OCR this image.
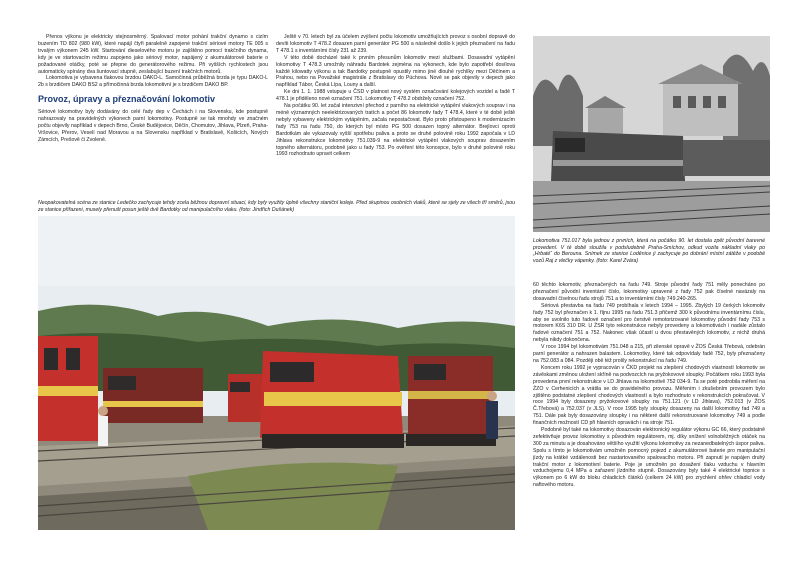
Přenos výkonu je elektricky stejnosměrný. Spalovací motor pohání trakční dynamo s cizím buzením TD 802 (980 kW), které napájí čtyři paralelně zapojené trakční sériové motory TE 005 s trvalým výkonem 245 kW. Startování dieselového motoru je zajištěno pomocí trakčního dynama, kdy je ve startovacím režimu zapojeno jako sériový motor, napájený z akumulátorové baterie o požadované otáčky, poté se přepne do generátorového režimu. Při vyšších rychlostech jsou automaticky spínány dva šuntovací stupně, zeslabující buzení trakčních motorů.

Lokomotiva je vybavena tlakovou brzdou DAKO-L. Samočinná průběžná brzda je typu DAKO-L 2b s brzdičem DAKO BS2 a přímočinná brzda lokomotivní je s brzdičem DAKO BP.

Provoz, úpravy a přeznačování lokomotiv

Sériové lokomotivy byly dodávány do celé řady dep v Čechách i na Slovensku, kde postupně nahrazovaly na pravidelných výkonech parní lokomotivy. Postupně se tak mnohdy ve značném počtu objevily například v depech Brno, České Budějovice, Děčín, Chomutov, Jihlava, Plzeň, Praha-Vršovice, Přerov, Veselí nad Moravou a na Slovensku například v Bratislavě, Košicích, Nových Zámcích, Prešově či Zvoleně.

Ještě v 70. letech byl za účelem zvýšení počtu lokomotiv umožňujících provoz s osobní dopravě do devíti lokomotiv T 478.2 dosazen parní generátor PG 500 a následně došlo k jejich přeznačení na řadu T 478.1 s inventárními čísly 231 až 239.

V této době docházel také k prvním přesunům lokomotiv mezi službami. Dosavadní vytápění lokomotivy T 478.3 umožnily náhradu Bardotek zejména na výkonech, kde bylo zapotřebí dosílova každé kilowatty výkonu a tak Bardotky postupně opustily mimo jiné dlouhé rychlíky mezi Děčínem a Prahou, nebo na Považské magistrále z Bratislavy do Púchova. Nově se pak objevily v depech jako například Tábor, Česká Lípa, Louny a další.

Ke dni 1. 1. 1988 vstupuje u ČSD v platnost nový systém označování kolejových vozidel a řadě T 478.1 je přiděleno nové označení 751. Lokomotivy T 478.2 obdržely označení 752.

Na počátku 90. let začal intenzivní přechod z parního na elektrické vytápění vlakových souprav i na méně významných neelektrizovaných tratích a počet 86 lokomotiv řady T 478.4, které v té době ještě nebyly vybaveny elektrickým vytápěním, začala nepostačovat. Bylo proto přistoupeno k modernizacím řady 753 na řadu 750, do kterých byl místo PG 500 dosazen topný alternátor. Brejlovci oproti Bardotkám ale vykazovaly vyšší spotřebu paliva a proto se druhé polovině roku 1992 započala v LD Jihlava rekonstrukce lokomotivy 751.039-9 na elektrické vytápění vlakových souprav dosazením topného alternátoru, podobně jako u řady 753. Po ověření této koncepce, bylo v druhé polovině roku 1993 rozhodnuto upravit celkem

Neopakovatelná scéna ze stanice Ledečko zachycuje tehdy zcela běžnou dopravní situaci, kdy byly využity úplně všechny staniční koleje. Před skupinou osobních vlaků, které se sjely ze všech tří směrů, jsou ze stanice přiřazeni, musely přenušt posun ještě dvě Bardotky od manipulačního vlaku. (foto: Jindřich Dušánek)
Lokomotiva 751.017 byla jednou z prvních, která na počátku 90. let dostala zpět původní barevné provedení. V té době sloužila v podsludebně Praha-Smíchov, odkud vozila nákladní vlaky po „Hrbaté“ do Berouna. Snímek ze stanice Loděnice ji zachycuje po dobrání místní zátěže v podobě vozů Raj z vlečky vápenky. (foto: Karel Zvára)

60 těchto lokomotiv, přeznačených na řadu 749. Stroje původní řady 751 měly ponecháno po přeznačení původní inventární číslo, lokomotivy upravené z řady 752 pak číselné navázaly na dosavadní číselnou řadu strojů 751 a to inventárními čísly 749.240-265.

Sériová přestavba na řadu 749 probíhala v letech 1994 – 1995. Zbylých 19 čerkých lokomotiv řady 752 byl přeznačen k 1. říjnu 1995 na řadu 751.3 přičemž 300 k původnímu inventárnímu číslu, aby se uvolnilo tuto řadové označení pro čerstvě remotorizované lokomotivy původní řady 753 s motorem K6S 310 DR. U ŽSR tyto rekonstrukce nebyly provedeny a lokomotivách i nadále zůstalo řadové označení 751 a 752. Nakonec však účastí u dvou přestavěných lokomotiv, z nichž druhá nebyla nikdy dokončena.

V roce 1994 byl lokomotivám 751.048 a 215, při zilenské opravě v ŽOS Česká Třebová, odebrán parní generátor a nahrazen balastem. Lokomotivy, které tak odpovídaly řadě 752, byly přeznačeny na 752.083 a 084. Později obě též prošly rekonstrukcí na řadu 749.

Koncem roku 1992 je vypracován v ČKD projekt na zlepšení chodových vlastností lokomotiv se závěskami změnou uložení skříně na podvozcích na pryžokovové sloupky. Počátkem roku 1993 byla provedena první rekonstrukce v LD Jihlava na lokomotivě 752 034-9. Ta se poté podrobila měření na ŽZO v Cerhenicích a vrátila se do pravidelného provozu. Měřením i zkušebním provozem bylo zjištěno podstatné zlepšení chodových vlastností a bylo rozhodnuto v rekonstrukcích pokračovat. V roce 1994 byly dosazeny pryžokovové sloupky na 751.121 (v LD Jihlava), 752.013 (v ŽOS Č.Třebová) a 752.037 (v JLS). V roce 1995 byly sloupky dosazeny na další lokomotivy řad 749 a 751. Dále pak byly dosazovány sloupky i na některé další rekonstruované lokomotivy 749 a podle finančních možností CD při hlavních opravách i na stroje 751.

Podobně byl také na lokomotivy dosazován elektronický regulátor výkonu GC 66, který podstatně zefektivňuje provoz lokomotivy s původním regulátorem, mj. díky snížení volnoběžných otáček na 300 za minutu a je dosahováno většího využití výkonu lokomotivy za nezanedbatelných úspor paliva. Spolu s tímto je lokomotivám umožněn pomocný pojezd z akumulátorové baterie pro manipulační jízdy na krátké vzdálenosti bez nastartovaného spalovacího motoru. Při zapnutí je napájen druhý trakční motor z lokomotivní baterie. Poje je umožněn po dosažení tlaku vzduchu v hlavním vzduchojemu 0,4 MPa a zařazení jízdního stupně. Dosazovány byly také 4 elektrické topnice s výkonem po 6 kW do bloku chladicích článků (celkem 24 kW) pro zrychlení ohřev chladicí vody naftového motoru.
